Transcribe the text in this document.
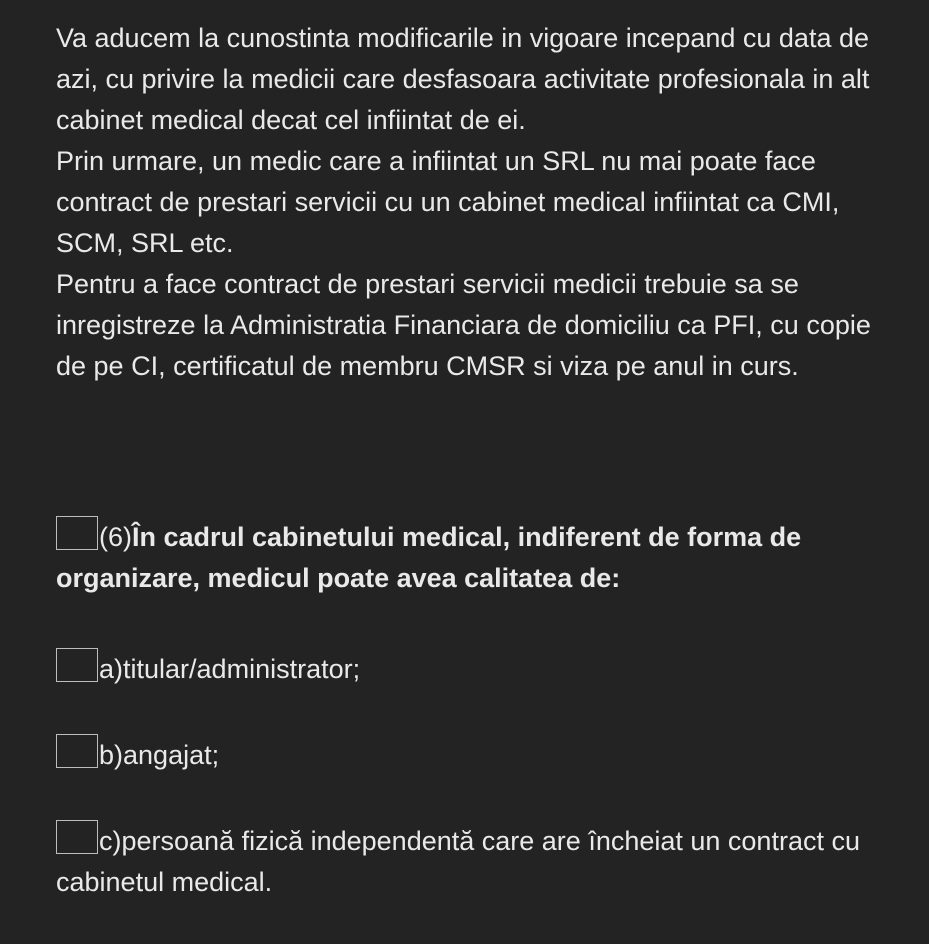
Va aducem la cunostinta modificarile in vigoare incepand cu data de azi, cu privire la medicii care desfasoara activitate profesionala in alt cabinet medical decat cel infiintat de ei.

Prin urmare, un medic care a infiintat un SRL nu mai poate face contract de prestari servicii cu un cabinet medical infiintat ca CMI, SCM, SRL etc.

Pentru a face contract de prestari servicii medicii trebuie sa se inregistreze la Administratia Financiara de domiciliu ca PFI, cu copie de pe CI, certificatul de membru CMSR si viza pe anul in curs.

(6)În cadrul cabinetului medical, indiferent de forma de organizare, medicul poate avea calitatea de:

a)titular/administrator;

b)angajat;

c)persoană fizică independentă care are încheiat un contract cu cabinetul medical.
